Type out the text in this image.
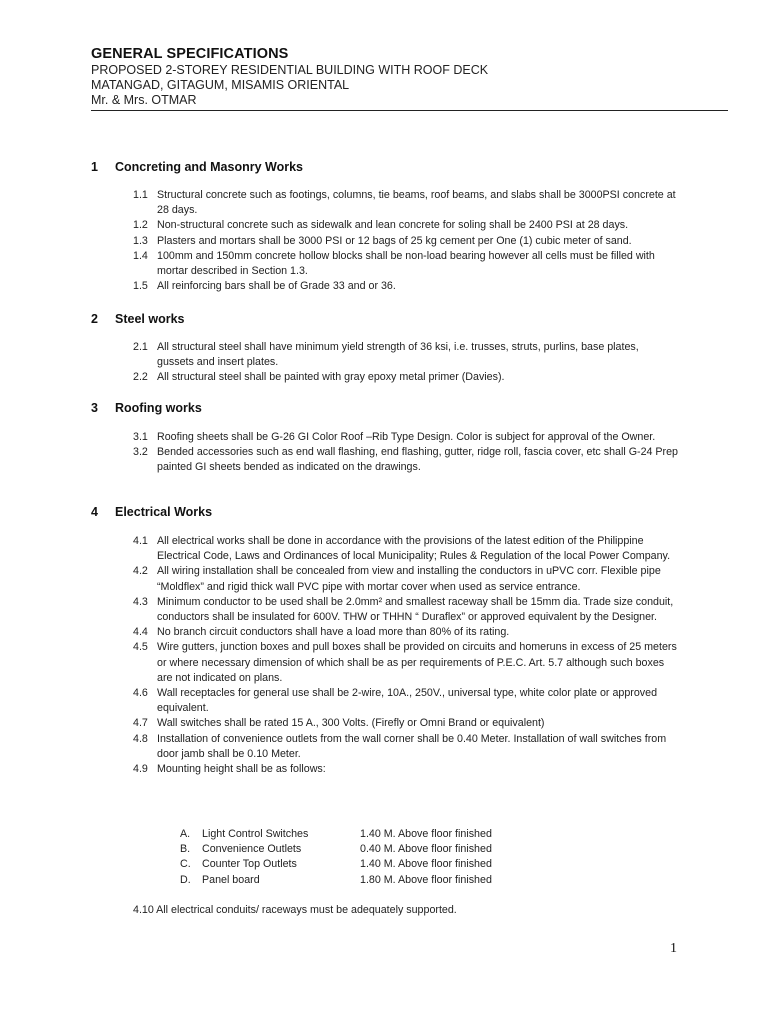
GENERAL SPECIFICATIONS
PROPOSED 2-STOREY RESIDENTIAL BUILDING WITH ROOF DECK
MATANGAD, GITAGUM, MISAMIS ORIENTAL
Mr. & Mrs. OTMAR
1 Concreting and Masonry Works
1.1 Structural concrete such as footings, columns, tie beams, roof beams, and slabs shall be 3000PSI concrete at 28 days.
1.2 Non-structural concrete such as sidewalk and lean concrete for soling shall be 2400 PSI at 28 days.
1.3 Plasters and mortars shall be 3000 PSI or 12 bags of 25 kg cement per One (1) cubic meter of sand.
1.4 100mm and 150mm concrete hollow blocks shall be non-load bearing however all cells must be filled with mortar described in Section 1.3.
1.5 All reinforcing bars shall be of Grade 33 and or 36.
2 Steel works
2.1 All structural steel shall have minimum yield strength of 36 ksi, i.e. trusses, struts, purlins, base plates, gussets and insert plates.
2.2 All structural steel shall be painted with gray epoxy metal primer (Davies).
3 Roofing works
3.1 Roofing sheets shall be G-26 GI Color Roof –Rib Type Design. Color is subject for approval of the Owner.
3.2 Bended accessories such as end wall flashing, end flashing, gutter, ridge roll, fascia cover, etc shall G-24 Prep painted GI sheets bended as indicated on the drawings.
4 Electrical Works
4.1 All electrical works shall be done in accordance with the provisions of the latest edition of the Philippine Electrical Code, Laws and Ordinances of local Municipality; Rules & Regulation of the local Power Company.
4.2 All wiring installation shall be concealed from view and installing the conductors in uPVC corr. Flexible pipe “Moldflex” and rigid thick wall PVC pipe with mortar cover when used as service entrance.
4.3 Minimum conductor to be used shall be 2.0mm² and smallest raceway shall be 15mm dia. Trade size conduit, conductors shall be insulated for 600V. THW or THHN “ Duraflex” or approved equivalent by the Designer.
4.4 No branch circuit conductors shall have a load more than 80% of its rating.
4.5 Wire gutters, junction boxes and pull boxes shall be provided on circuits and homeruns in excess of 25 meters or where necessary dimension of which shall be as per requirements of P.E.C. Art. 5.7 although such boxes are not indicated on plans.
4.6 Wall receptacles for general use shall be 2-wire, 10A., 250V., universal type, white color plate or approved equivalent.
4.7 Wall switches shall be rated 15 A., 300 Volts. (Firefly or Omni Brand or equivalent)
4.8 Installation of convenience outlets from the wall corner shall be 0.40 Meter. Installation of wall switches from door jamb shall be 0.10 Meter.
4.9 Mounting height shall be as follows:
A.	Light Control Switches	1.40 M. Above floor finished
B.	Convenience Outlets	0.40 M. Above floor finished
C.	Counter Top Outlets	1.40 M. Above floor finished
D.	Panel board	1.80 M. Above floor finished
4.10 All electrical conduits/ raceways must be adequately supported.
1
